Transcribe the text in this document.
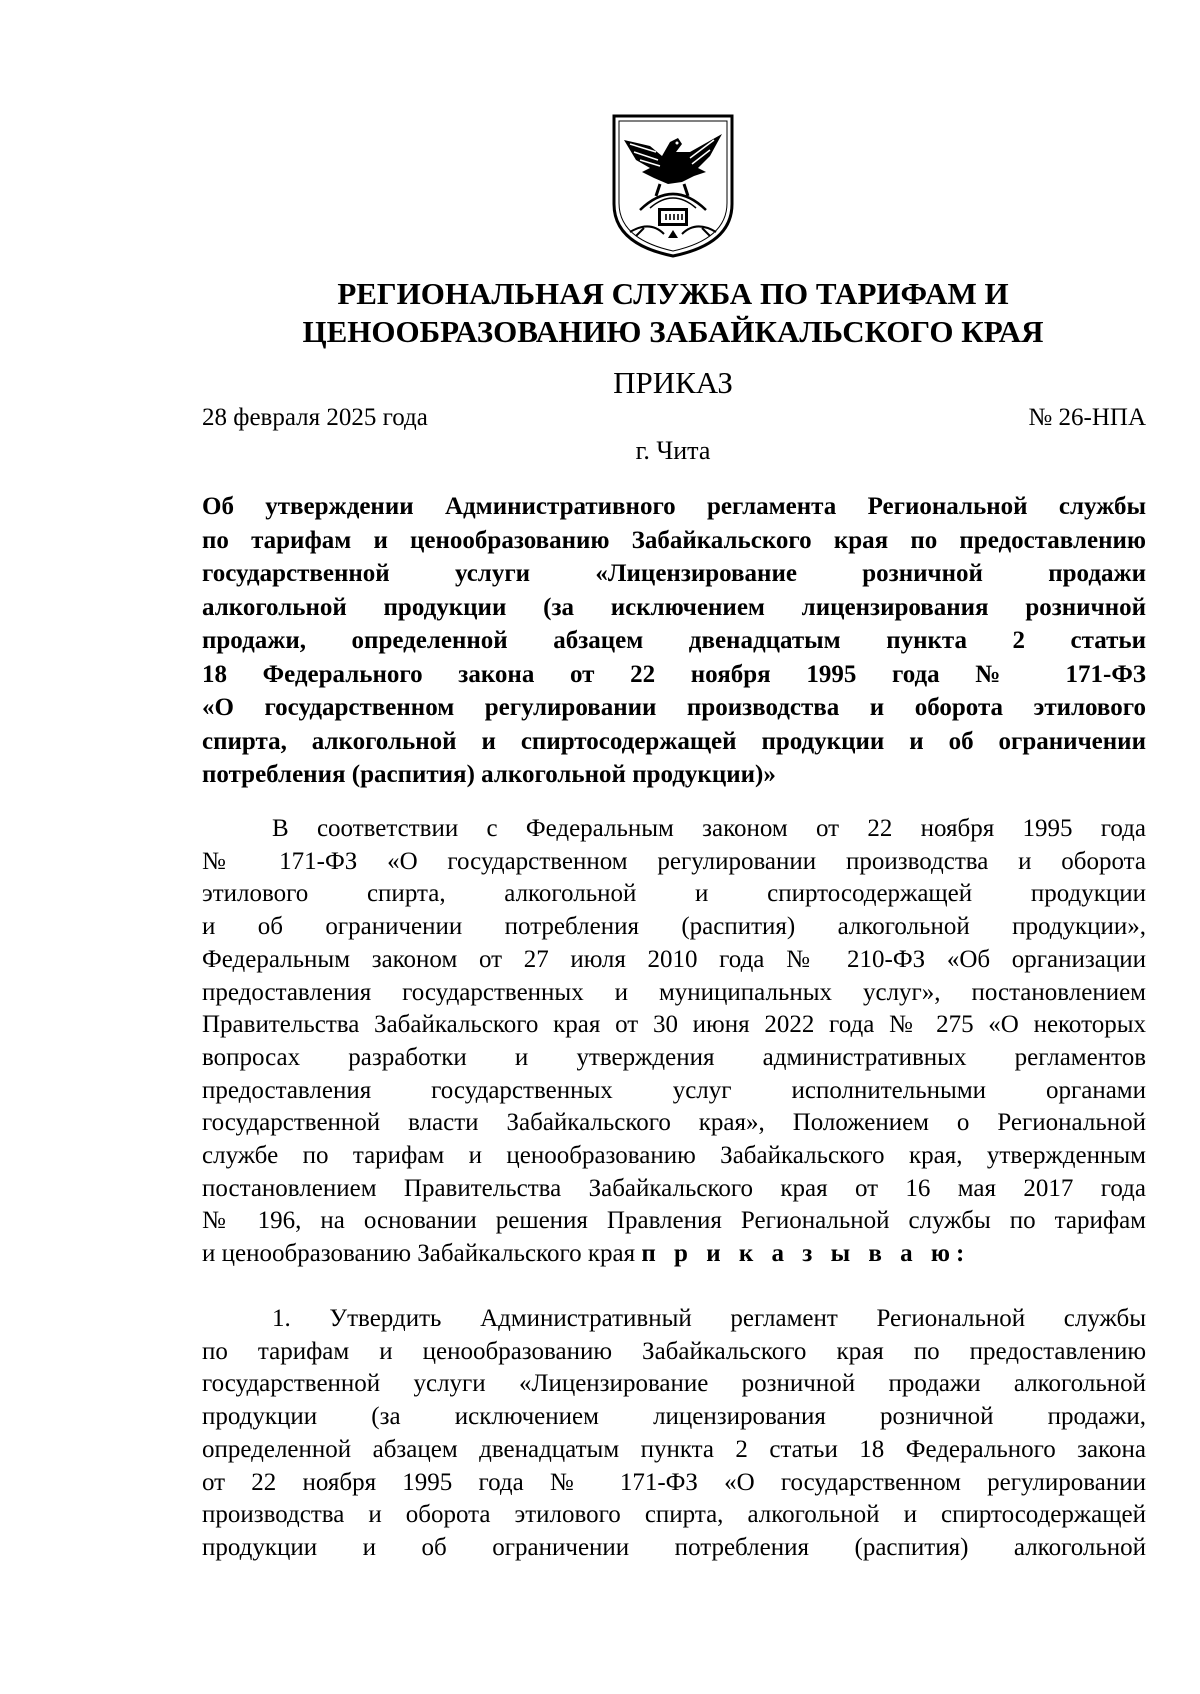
РЕГИОНАЛЬНАЯ СЛУЖБА ПО ТАРИФАМ И
ЦЕНООБРАЗОВАНИЮ ЗАБАЙКАЛЬСКОГО КРАЯ
ПРИКАЗ
28 февраля 2025 года	№ 26-НПА
г. Чита
Об утверждении Административного регламента Региональной службы
по тарифам и ценообразованию Забайкальского края по предоставлению
государственной услуги «Лицензирование розничной продажи
алкогольной продукции (за исключением лицензирования розничной
продажи, определенной абзацем двенадцатым пункта 2 статьи
18 Федерального закона от 22 ноября 1995 года № 171-ФЗ
«О государственном регулировании производства и оборота этилового
спирта, алкогольной и спиртосодержащей продукции и об ограничении
потребления (распития) алкогольной продукции)»
В соответствии с Федеральным законом от 22 ноября 1995 года
№ 171-ФЗ «О государственном регулировании производства и оборота
этилового спирта, алкогольной и спиртосодержащей продукции
и об ограничении потребления (распития) алкогольной продукции»,
Федеральным законом от 27 июля 2010 года № 210-ФЗ «Об организации
предоставления государственных и муниципальных услуг», постановлением
Правительства Забайкальского края от 30 июня 2022 года № 275 «О некоторых
вопросах разработки и утверждения административных регламентов
предоставления государственных услуг исполнительными органами
государственной власти Забайкальского края», Положением о Региональной
службе по тарифам и ценообразованию Забайкальского края, утвержденным
постановлением Правительства Забайкальского края от 16 мая 2017 года
№ 196, на основании решения Правления Региональной службы по тарифам
и ценообразованию Забайкальского края п р и к а з ы в а ю:
1. Утвердить Административный регламент Региональной службы
по тарифам и ценообразованию Забайкальского края по предоставлению
государственной услуги «Лицензирование розничной продажи алкогольной
продукции (за исключением лицензирования розничной продажи,
определенной абзацем двенадцатым пункта 2 статьи 18 Федерального закона
от 22 ноября 1995 года № 171-ФЗ «О государственном регулировании
производства и оборота этилового спирта, алкогольной и спиртосодержащей
продукции и об ограничении потребления (распития) алкогольной
